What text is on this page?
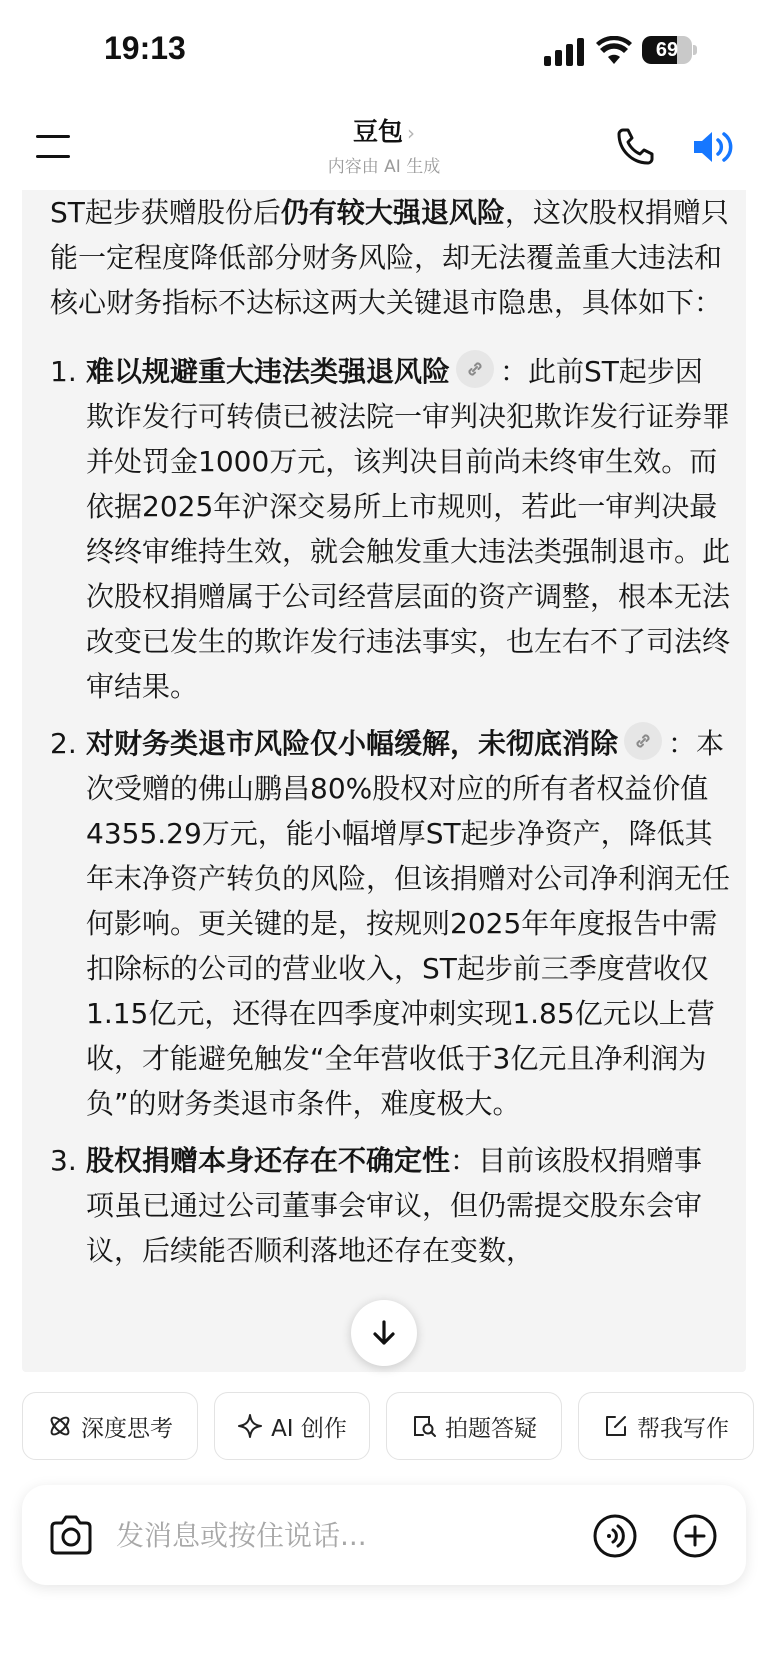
19:13	69
豆包 ›
内容由 AI 生成

ST起步获赠股份后仍有较大强退风险，这次股权捐赠只能一定程度降低部分财务风险，却无法覆盖重大违法和核心财务指标不达标这两大关键退市隐患，具体如下：

1. 难以规避重大违法类强退风险 ：此前ST起步因欺诈发行可转债已被法院一审判决犯欺诈发行证券罪并处罚金1000万元，该判决目前尚未终审生效。而依据2025年沪深交易所上市规则，若此一审判决最终终审维持生效，就会触发重大违法类强制退市。此次股权捐赠属于公司经营层面的资产调整，根本无法改变已发生的欺诈发行违法事实，也左右不了司法终审结果。
2. 对财务类退市风险仅小幅缓解，未彻底消除 ：本次受赠的佛山鹏昌80%股权对应的所有者权益价值4355.29万元，能小幅增厚ST起步净资产，降低其年末净资产转负的风险，但该捐赠对公司净利润无任何影响。更关键的是，按规则2025年年度报告中需扣除标的公司的营业收入，ST起步前三季度营收仅1.15亿元，还得在四季度冲刺实现1.85亿元以上营收，才能避免触发“全年营收低于3亿元且净利润为负”的财务类退市条件，难度极大。
3. 股权捐赠本身还存在不确定性：目前该股权捐赠事项虽已通过公司董事会审议，但仍需提交股东会审议，后续能否顺利落地还存在变数，
深度思考	AI 创作	拍题答疑	帮我写作
发消息或按住说话...
